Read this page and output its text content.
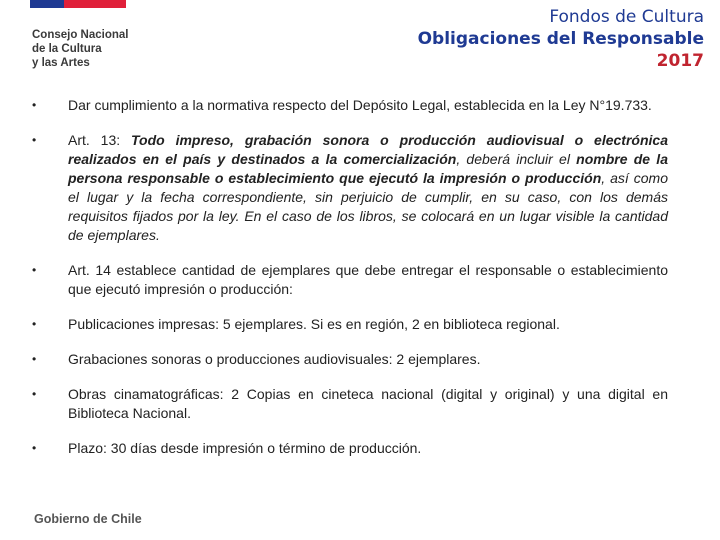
Consejo Nacional
de la Cultura
y las Artes
Fondos de Cultura
Obligaciones del Responsable
2017
• Dar cumplimiento a la normativa respecto del Depósito Legal, establecida en la Ley N°19.733.
• Art. 13: Todo impreso, grabación sonora o producción audiovisual o electrónica realizados en el país y destinados a la comercialización, deberá incluir el nombre de la persona responsable o establecimiento que ejecutó la impresión o producción, así como el lugar y la fecha correspondiente, sin perjuicio de cumplir, en su caso, con los demás requisitos fijados por la ley. En el caso de los libros, se colocará en un lugar visible la cantidad de ejemplares.
• Art. 14 establece cantidad de ejemplares que debe entregar el responsable o establecimiento que ejecutó impresión o producción:
• Publicaciones impresas: 5 ejemplares. Si es en región, 2 en biblioteca regional.
• Grabaciones sonoras o producciones audiovisuales: 2 ejemplares.
• Obras cinamatográficas: 2 Copias en cineteca nacional (digital y original) y una digital en Biblioteca Nacional.
• Plazo: 30 días desde impresión o término de producción.
Gobierno de Chile
